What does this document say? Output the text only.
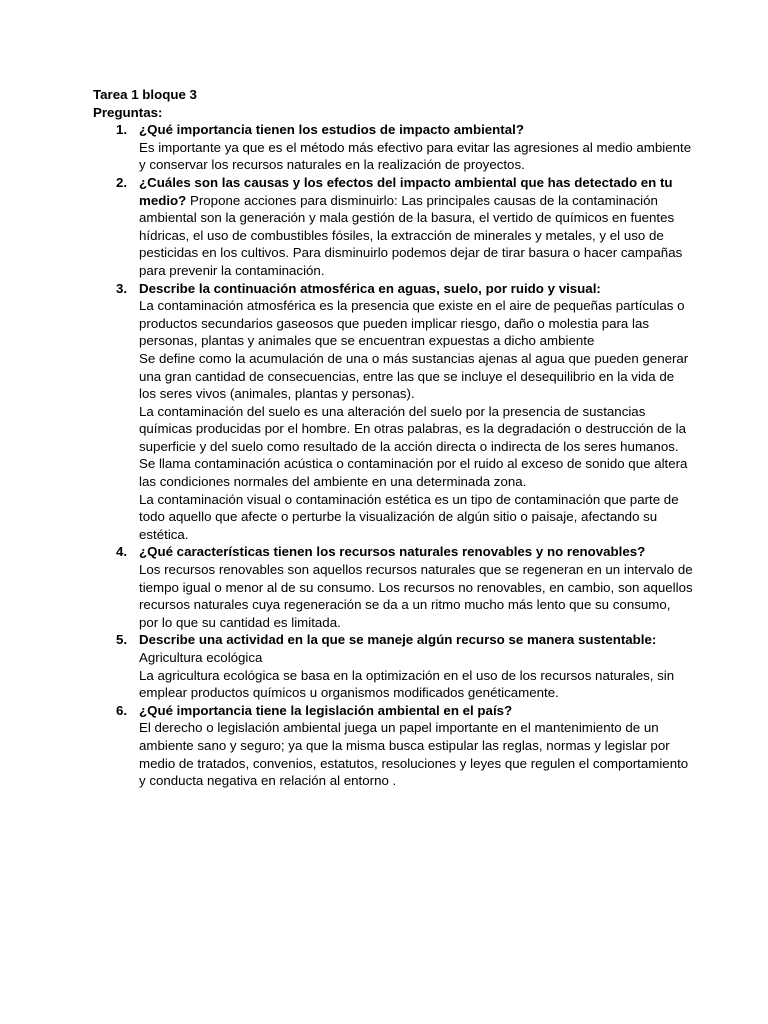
Tarea 1 bloque 3
Preguntas:
1. ¿Qué importancia tienen los estudios de impacto ambiental?
Es importante ya que es el método más efectivo para evitar las agresiones al medio ambiente y conservar los recursos naturales en la realización de proyectos.
2. ¿Cuáles son las causas y los efectos del impacto ambiental que has detectado en tu medio? Propone acciones para disminuirlo: Las principales causas de la contaminación ambiental son la generación y mala gestión de la basura, el vertido de químicos en fuentes hídricas, el uso de combustibles fósiles, la extracción de minerales y metales, y el uso de pesticidas en los cultivos. Para disminuirlo podemos dejar de tirar basura o hacer campañas para prevenir la contaminación.
3. Describe la continuación atmosférica en aguas, suelo, por ruido y visual:
La contaminación atmosférica es la presencia que existe en el aire de pequeñas partículas o productos secundarios gaseosos que pueden implicar riesgo, daño o molestia para las personas, plantas y animales que se encuentran expuestas a dicho ambiente
Se define como la acumulación de una o más sustancias ajenas al agua que pueden generar una gran cantidad de consecuencias, entre las que se incluye el desequilibrio en la vida de los seres vivos (animales, plantas y personas).
La contaminación del suelo es una alteración del suelo por la presencia de sustancias químicas producidas por el hombre. En otras palabras, es la degradación o destrucción de la superficie y del suelo como resultado de la acción directa o indirecta de los seres humanos.
Se llama contaminación acústica o contaminación por el ruido al exceso de sonido que altera las condiciones normales del ambiente en una determinada zona.
La contaminación visual o contaminación estética es un tipo de contaminación que parte de todo aquello que afecte o perturbe la visualización de algún sitio o paisaje, afectando su estética.
4. ¿Qué características tienen los recursos naturales renovables y no renovables?
Los recursos renovables son aquellos recursos naturales que se regeneran en un intervalo de tiempo igual o menor al de su consumo. Los recursos no renovables, en cambio, son aquellos recursos naturales cuya regeneración se da a un ritmo mucho más lento que su consumo, por lo que su cantidad es limitada.
5. Describe una actividad en la que se maneje algún recurso se manera sustentable:
Agricultura ecológica
La agricultura ecológica se basa en la optimización en el uso de los recursos naturales, sin emplear productos químicos u organismos modificados genéticamente.
6. ¿Qué importancia tiene la legislación ambiental en el país?
El derecho o legislación ambiental juega un papel importante en el mantenimiento de un ambiente sano y seguro; ya que la misma busca estipular las reglas, normas y legislar por medio de tratados, convenios, estatutos, resoluciones y leyes que regulen el comportamiento y conducta negativa en relación al entorno .
